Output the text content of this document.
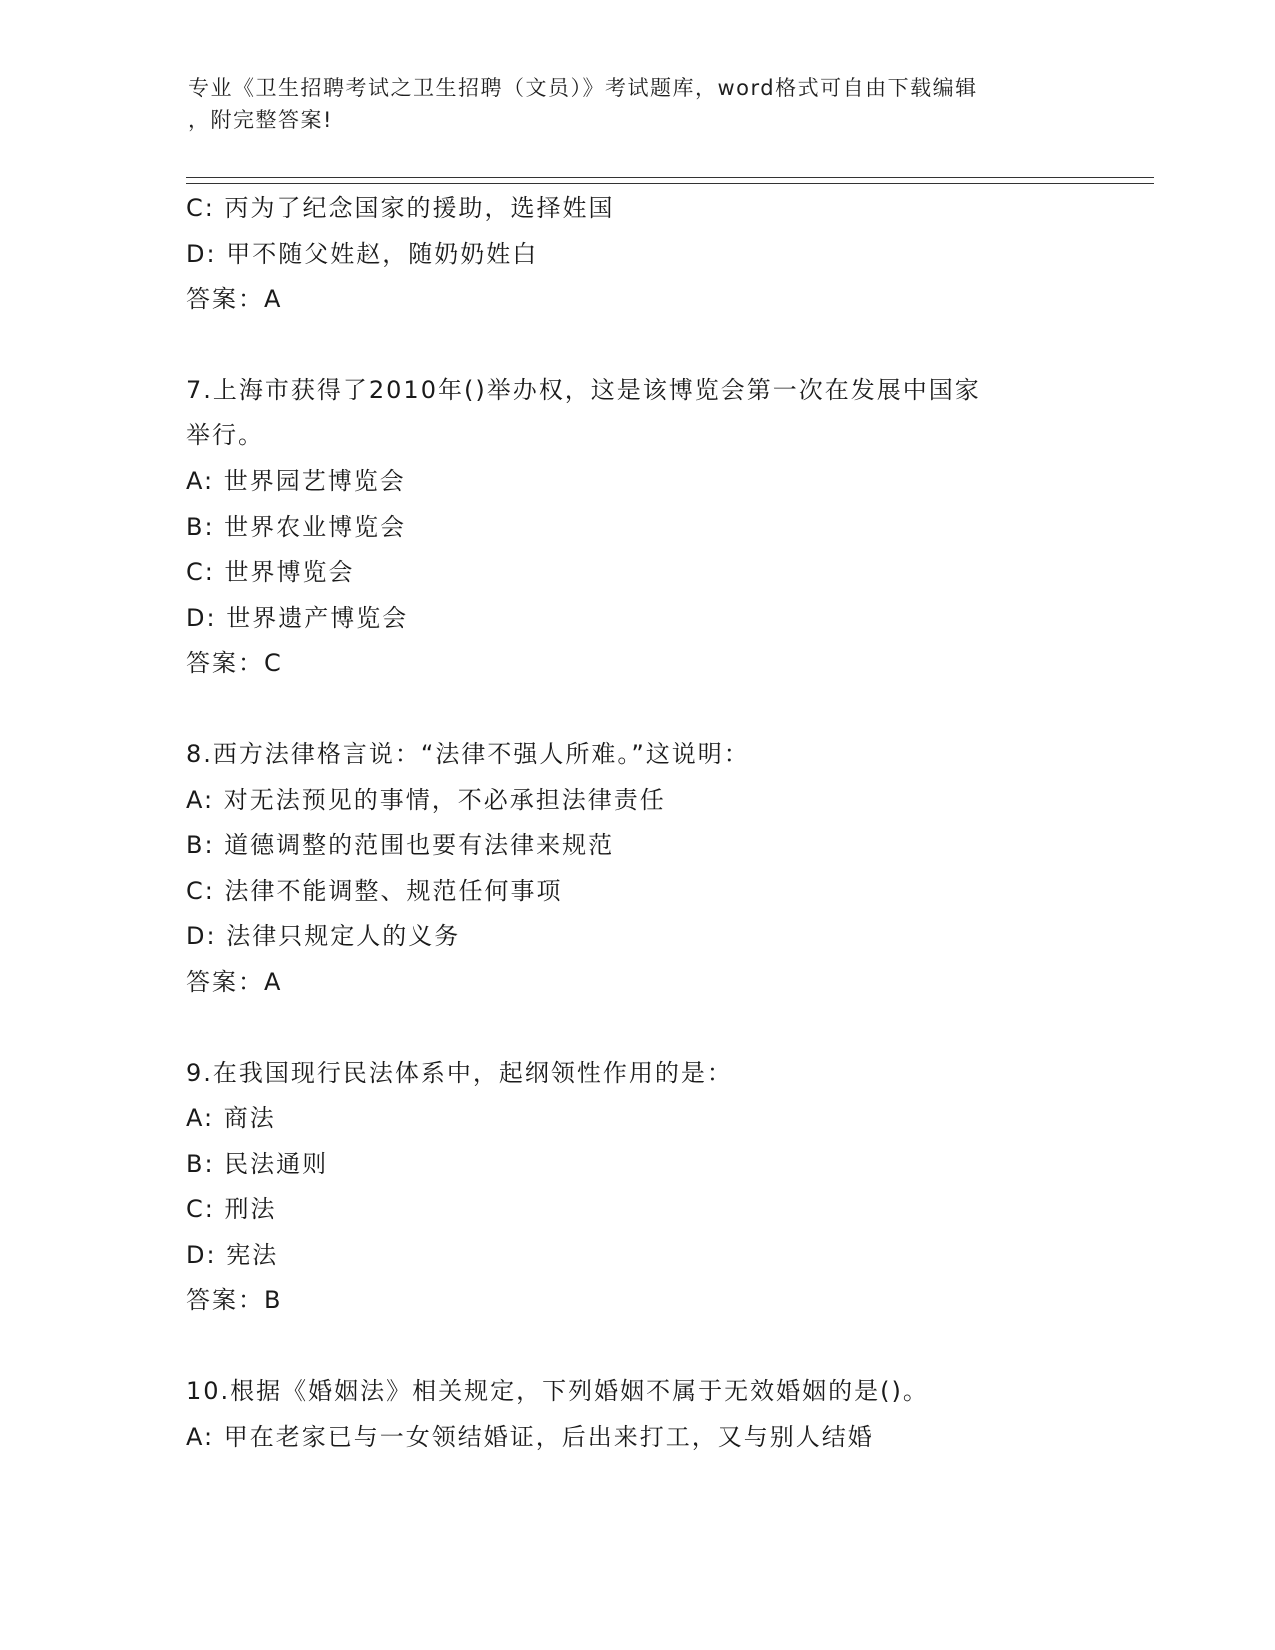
专业《卫生招聘考试之卫生招聘（文员）》考试题库，word格式可自由下载编辑
，附完整答案!
C: 丙为了纪念国家的援助，选择姓国
D: 甲不随父姓赵，随奶奶姓白
答案：A
7.上海市获得了2010年()举办权，这是该博览会第一次在发展中国家
举行。
A: 世界园艺博览会
B: 世界农业博览会
C: 世界博览会
D: 世界遗产博览会
答案：C
8.西方法律格言说：“法律不强人所难。”这说明：
A: 对无法预见的事情，不必承担法律责任
B: 道德调整的范围也要有法律来规范
C: 法律不能调整、规范任何事项
D: 法律只规定人的义务
答案：A
9.在我国现行民法体系中，起纲领性作用的是：
A: 商法
B: 民法通则
C: 刑法
D: 宪法
答案：B
10.根据《婚姻法》相关规定，下列婚姻不属于无效婚姻的是()。
A: 甲在老家已与一女领结婚证，后出来打工，又与别人结婚
